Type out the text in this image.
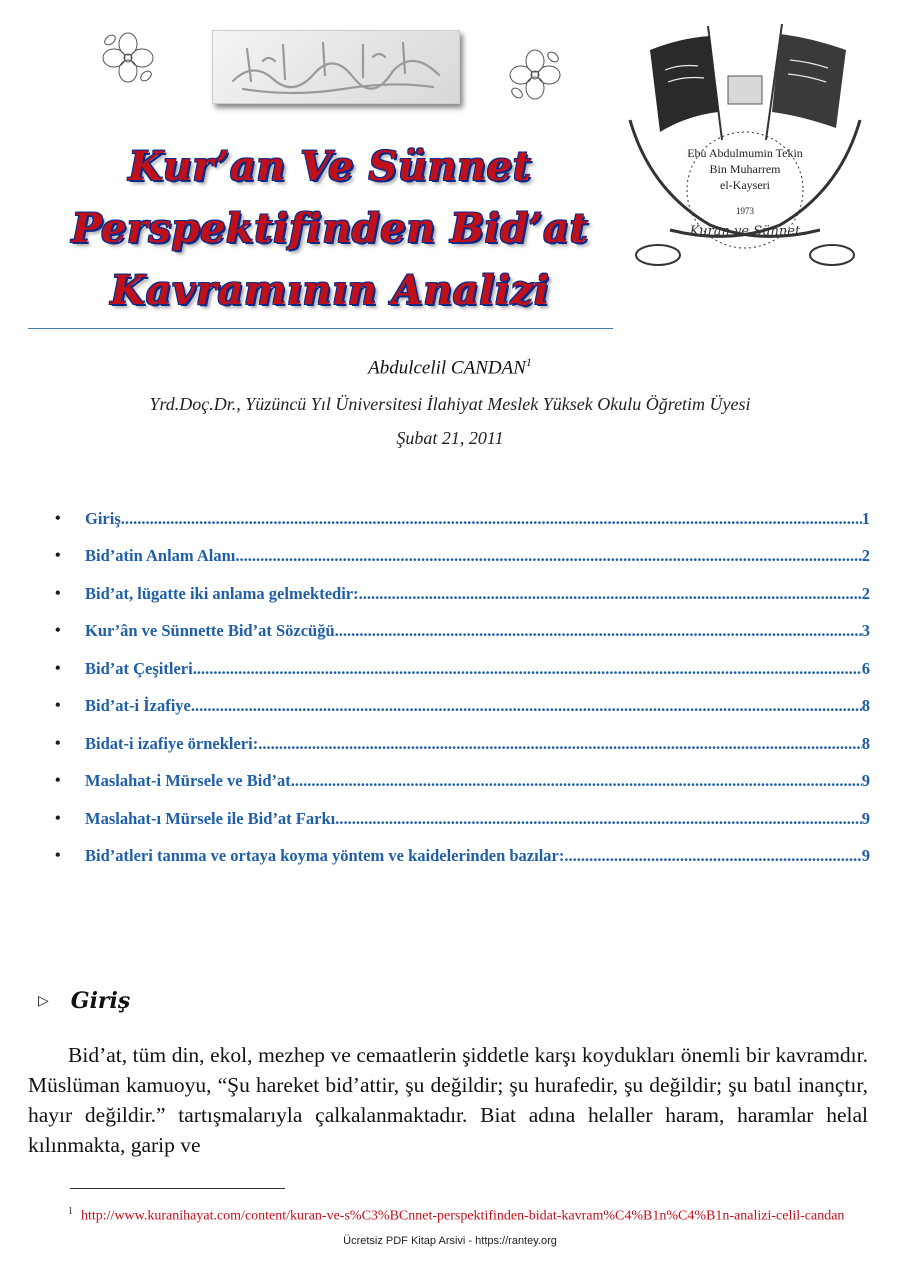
Kur’an Ve Sünnet
Perspektifinden Bid’at
Kavramının Analizi
Ebu Abdulmumin Tekin
Bin Muharrem
el-Kayseri
1973
Kuran ve Sünnet
Abdulcelil CANDAN$^1$
Yrd.Doç.Dr., Yüzüncü Yıl Üniversitesi İlahiyat Meslek Yüksek Okulu Öğretim Üyesi
Şubat 21, 2011
•	Giriş .....	1
•	Bid’atin Anlam Alanı .....	2
•	Bid’at, lügatte iki anlama gelmektedir: .....	2
•	Kur’ân ve Sünnette Bid’at Sözcüğü .....	3
•	Bid’at Çeşitleri .....	6
•	Bid’at-i İzafiye .....	8
•	Bidat-i izafiye örnekleri: .....	8
•	Maslahat-i Mürsele ve Bid’at .....	9
•	Maslahat-ı Mürsele ile Bid’at Farkı .....	9
•	Bid’atleri tanıma ve ortaya koyma yöntem ve kaidelerinden bazılar: .....	9
▷ Giriş

Bid’at, tüm din, ekol, mezhep ve cemaatlerin şiddetle karşı koydukları önemli bir kavramdır. Müslüman kamuoyu, “Şu hareket bid’attir, şu değildir; şu hurafedir, şu değildir; şu batıl inançtır, hayır değildir.” tartışmalarıyla çalkalanmaktadır. Biat adına helaller haram, haramlar helal kılınmakta, garip ve

$^1$ http://www.kuranihayat.com/content/kuran-ve-s%C3%BCnnet-perspektifinden-bidat-kavram%C4%B1n%C4%B1n-analizi-celil-candan

Ücretsiz PDF Kitap Arsivi - https://rantey.org
